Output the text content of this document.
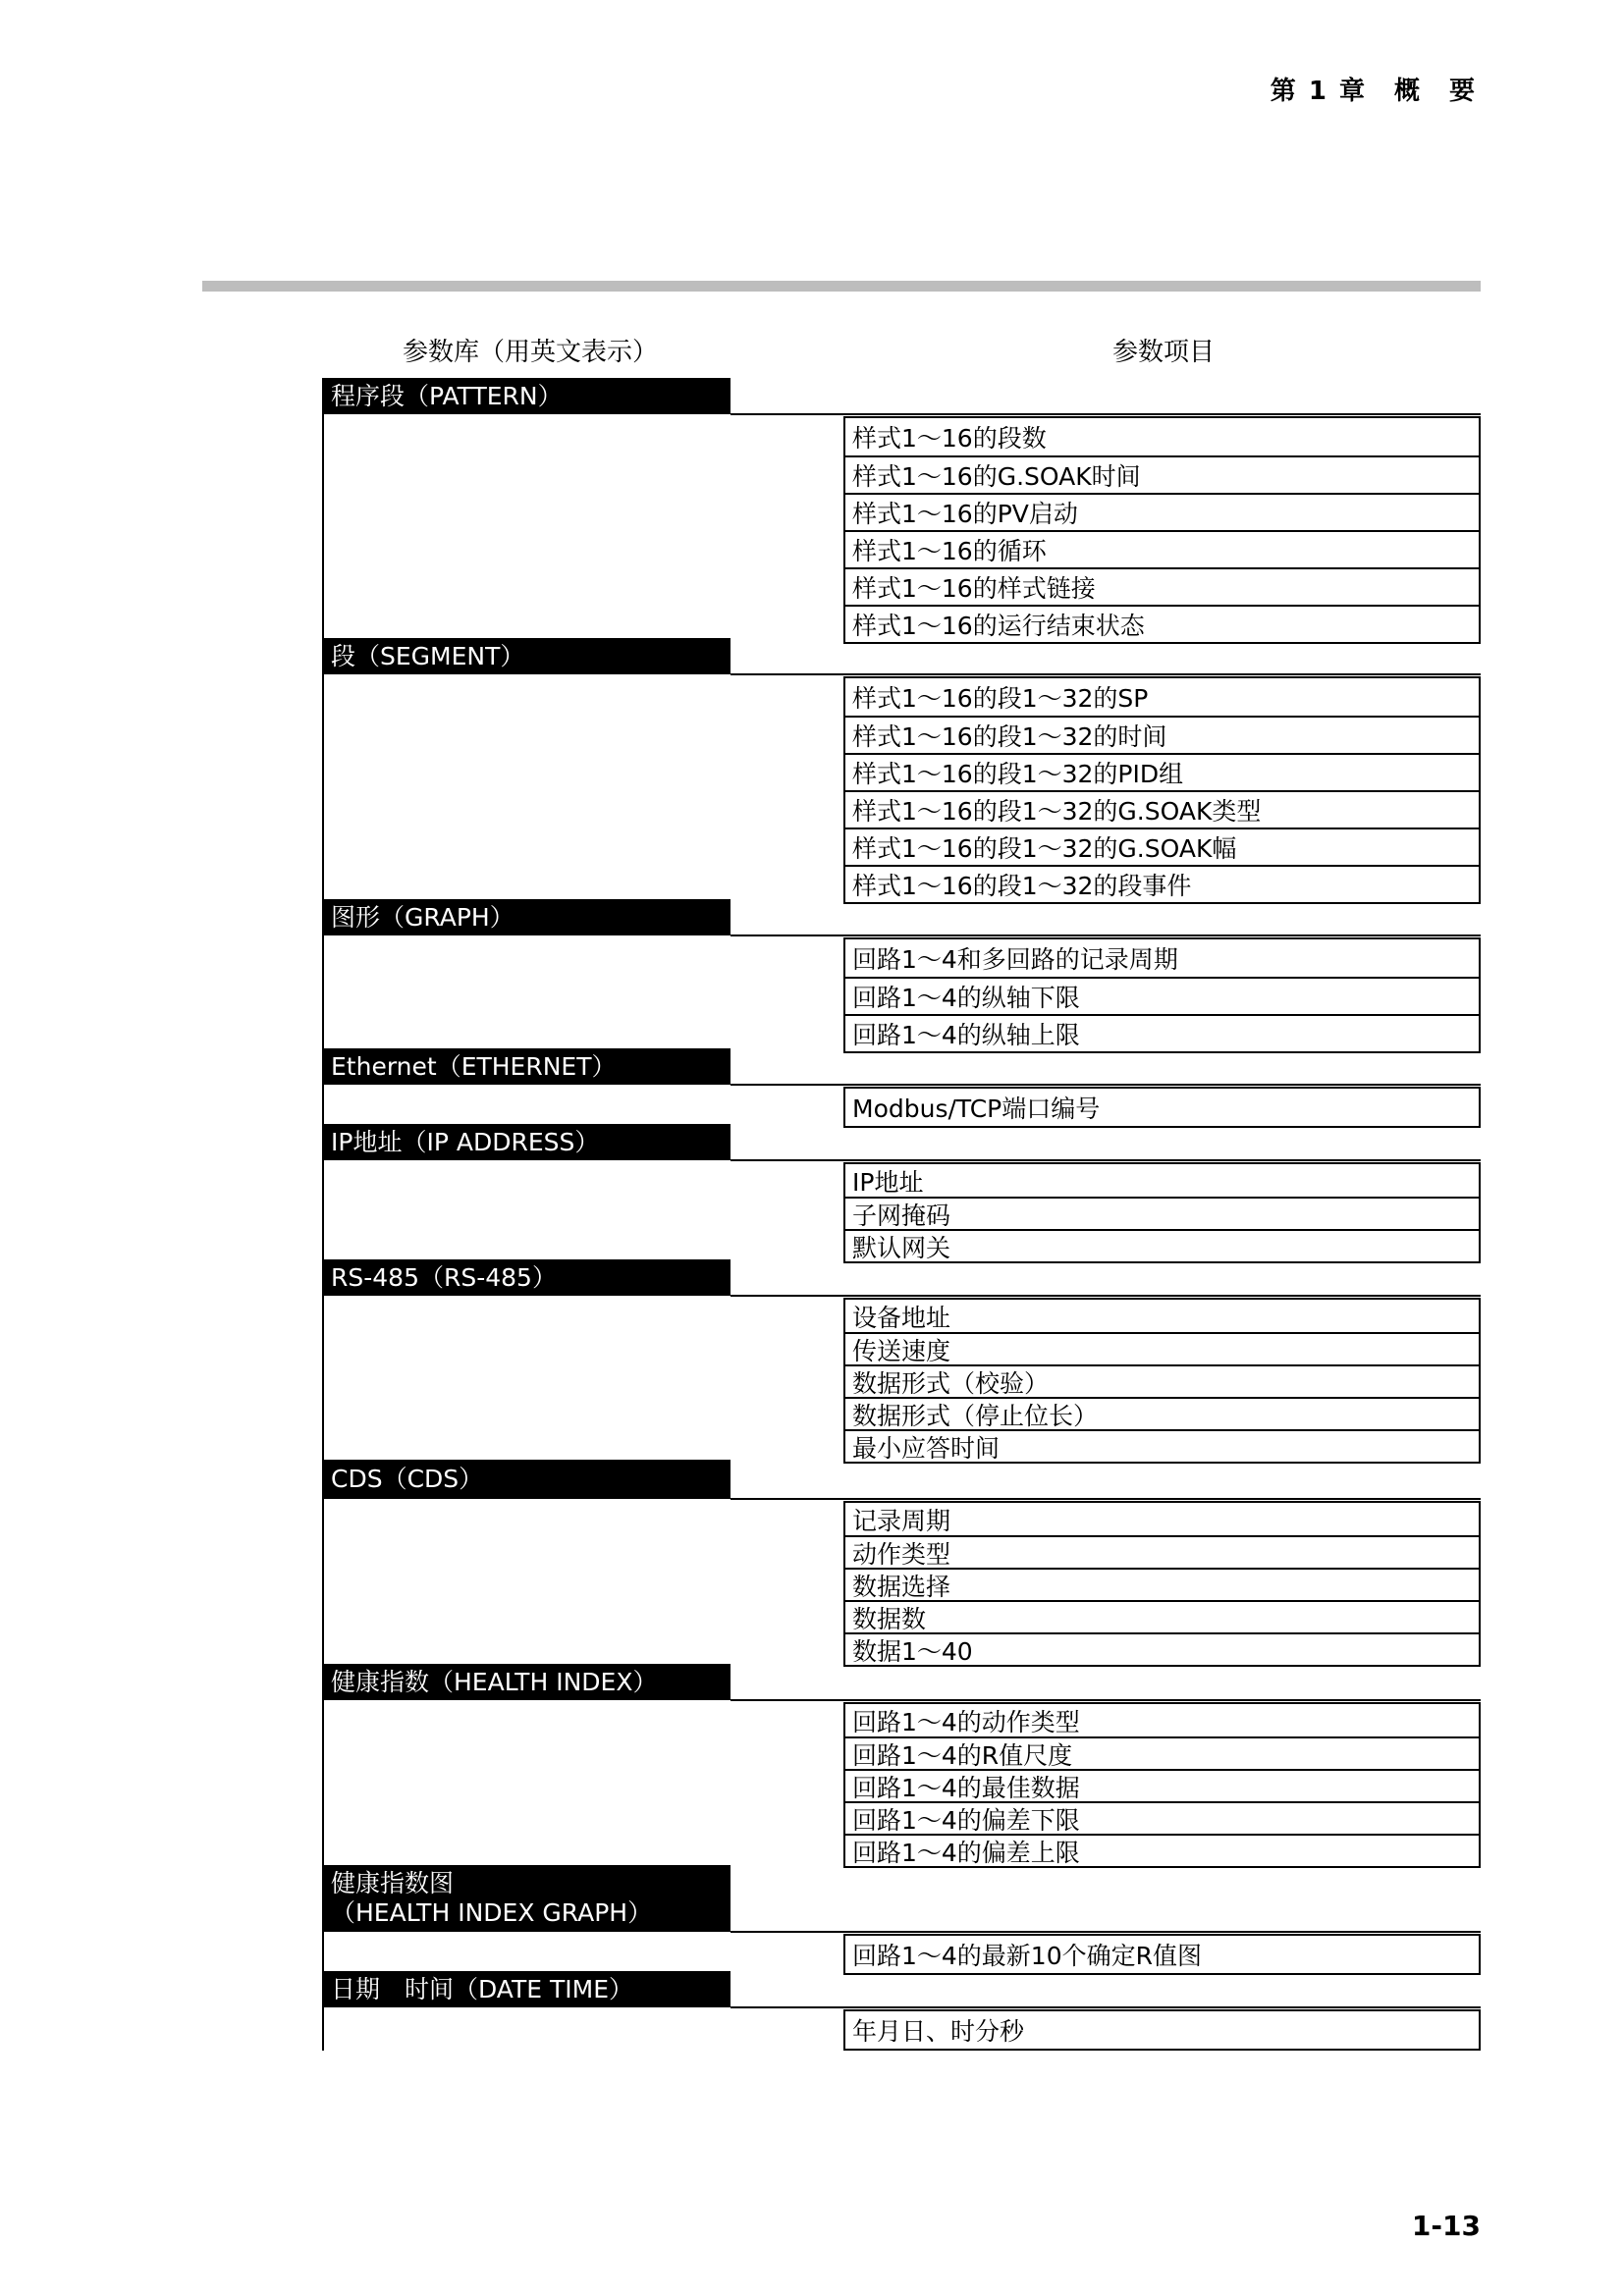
第 1 章　概　要
参数库（用英文表示）	参数项目
程序段（PATTERN）
样式1～16的段数
样式1～16的G.SOAK时间
样式1～16的PV启动
样式1～16的循环
样式1～16的样式链接
样式1～16的运行结束状态
段（SEGMENT）
样式1～16的段1～32的SP
样式1～16的段1～32的时间
样式1～16的段1～32的PID组
样式1～16的段1～32的G.SOAK类型
样式1～16的段1～32的G.SOAK幅
样式1～16的段1～32的段事件
图形（GRAPH）
回路1～4和多回路的记录周期
回路1～4的纵轴下限
回路1～4的纵轴上限
Ethernet（ETHERNET）
Modbus/TCP端口编号
IP地址（IP ADDRESS）
IP地址
子网掩码
默认网关
RS-485（RS-485）
设备地址
传送速度
数据形式（校验）
数据形式（停止位长）
最小应答时间
CDS（CDS）
记录周期
动作类型
数据选择
数据数
数据1～40
健康指数（HEALTH INDEX）
回路1～4的动作类型
回路1～4的R值尺度
回路1～4的最佳数据
回路1～4的偏差下限
回路1～4的偏差上限
健康指数图
（HEALTH INDEX GRAPH）
回路1～4的最新10个确定R值图
日期　时间（DATE TIME）
年月日、时分秒
1-13
